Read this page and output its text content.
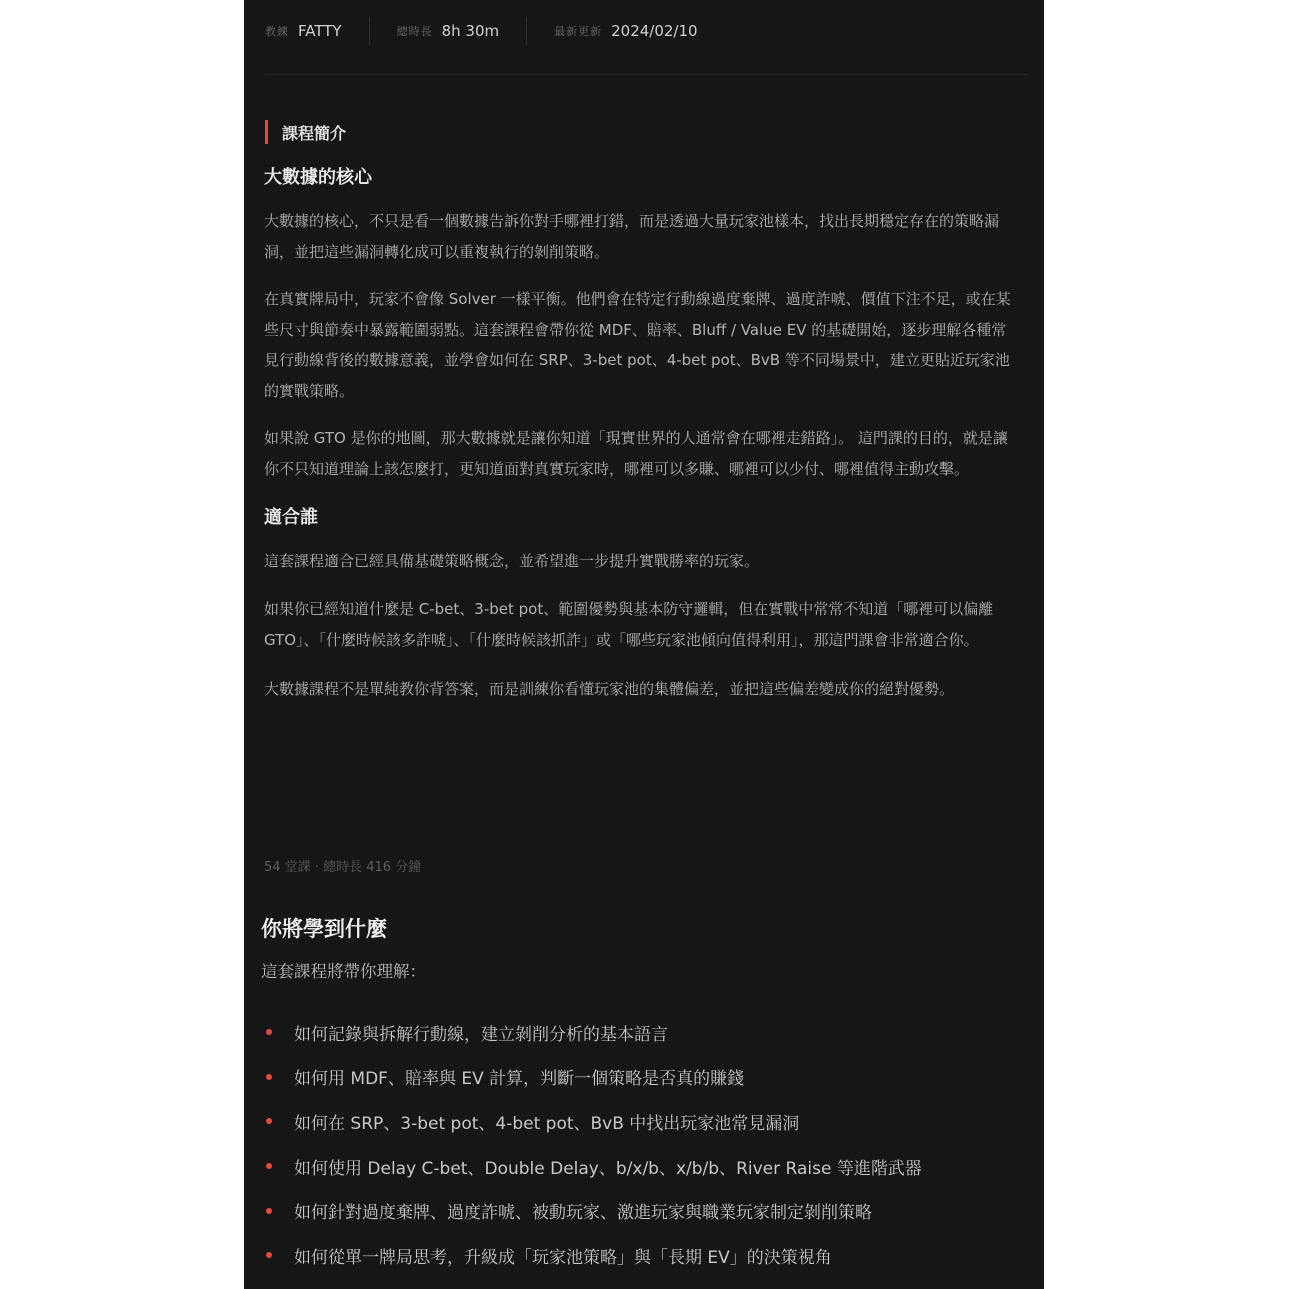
教練 FATTY	總時長 8h 30m	最新更新 2024/02/10
課程簡介
大數據的核心

大數據的核心，不只是看一個數據告訴你對手哪裡打錯，而是透過大量玩家池樣本，找出長期穩定存在的策略漏洞，並把這些漏洞轉化成可以重複執行的剝削策略。

在真實牌局中，玩家不會像 Solver 一樣平衡。他們會在特定行動線過度棄牌、過度詐唬、價值下注不足，或在某些尺寸與節奏中暴露範圍弱點。這套課程會帶你從 MDF、賠率、Bluff / Value EV 的基礎開始，逐步理解各種常見行動線背後的數據意義，並學會如何在 SRP、3-bet pot、4-bet pot、BvB 等不同場景中，建立更貼近玩家池的實戰策略。

如果說 GTO 是你的地圖，那大數據就是讓你知道「現實世界的人通常會在哪裡走錯路」。 這門課的目的，就是讓你不只知道理論上該怎麼打，更知道面對真實玩家時，哪裡可以多賺、哪裡可以少付、哪裡值得主動攻擊。

適合誰

這套課程適合已經具備基礎策略概念，並希望進一步提升實戰勝率的玩家。

如果你已經知道什麼是 C-bet、3-bet pot、範圍優勢與基本防守邏輯，但在實戰中常常不知道「哪裡可以偏離 GTO」、「什麼時候該多詐唬」、「什麼時候該抓詐」或「哪些玩家池傾向值得利用」，那這門課會非常適合你。

大數據課程不是單純教你背答案，而是訓練你看懂玩家池的集體偏差，並把這些偏差變成你的絕對優勢。

54 堂課 · 總時長 416 分鐘
你將學到什麼

這套課程將帶你理解：

如何記錄與拆解行動線，建立剝削分析的基本語言
如何用 MDF、賠率與 EV 計算，判斷一個策略是否真的賺錢
如何在 SRP、3-bet pot、4-bet pot、BvB 中找出玩家池常見漏洞
如何使用 Delay C-bet、Double Delay、b/x/b、x/b/b、River Raise 等進階武器
如何針對過度棄牌、過度詐唬、被動玩家、激進玩家與職業玩家制定剝削策略
如何從單一牌局思考，升級成「玩家池策略」與「長期 EV」的決策視角
